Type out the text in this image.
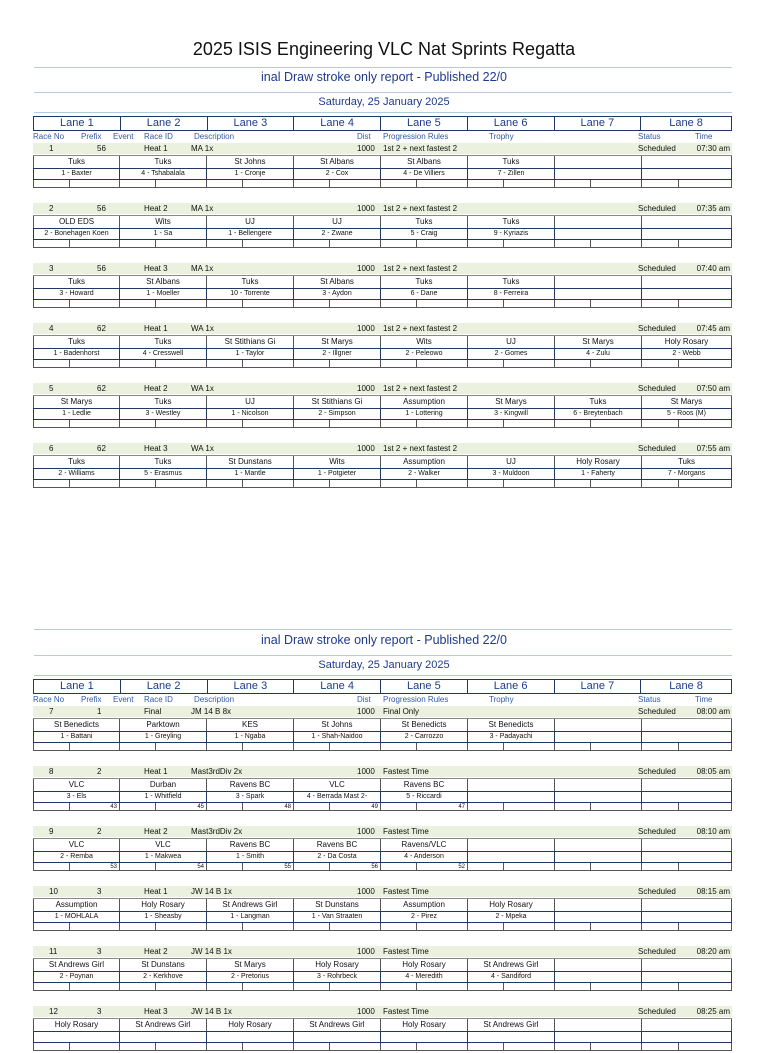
2025 ISIS Engineering VLC Nat Sprints Regatta
inal Draw stroke only report - Published 22/0
Saturday, 25 January 2025
Lane 1	Lane 2	Lane 3	Lane 4	Lane 5	Lane 6	Lane 7	Lane 8
Race No Prefix Event Race ID	Description	Dist Progression Rules	Trophy	Status	Time
1	56	Heat 1	MA 1x	1000 1st 2 + next fastest 2	Scheduled	07:30 am
Tuks	Tuks	St Johns	St Albans	St Albans	Tuks
1 - Baxter	4 - Tshabalala	1 - Cronje	2 - Cox	4 - De Villiers	7 - Zillen
2	56	Heat 2	MA 1x	1000 1st 2 + next fastest 2	Scheduled	07:35 am
OLD EDS	Wits	UJ	UJ	Tuks	Tuks
2 - Bonehagen Koen	1 - Sa	1 - Bellengere	2 - Zwane	5 - Craig	9 - Kyriazis
3	56	Heat 3	MA 1x	1000 1st 2 + next fastest 2	Scheduled	07:40 am
Tuks	St Albans	Tuks	St Albans	Tuks	Tuks
3 - Howard	1 - Moeller	10 - Torrente	3 - Aydon	6 - Dane	8 - Ferreira
4	62	Heat 1	WA 1x	1000 1st 2 + next fastest 2	Scheduled	07:45 am
Tuks	Tuks	St Stithians Gi	St Marys	Wits	UJ	St Marys	Holy Rosary
1 - Badenhorst	4 - Cresswell	1 - Taylor	2 - Illgner	2 - Peleowo	2 - Gomes	4 - Zulu	2 - Webb
5	62	Heat 2	WA 1x	1000 1st 2 + next fastest 2	Scheduled	07:50 am
St Marys	Tuks	UJ	St Stithians Gi	Assumption	St Marys	Tuks	St Marys
1 - Ledlie	3 - Westley	1 - Nicolson	2 - Simpson	1 - Lottering	3 - Kingwill	6 - Breytenbach	5 - Roos (M)
6	62	Heat 3	WA 1x	1000 1st 2 + next fastest 2	Scheduled	07:55 am
Tuks	Tuks	St Dunstans	Wits	Assumption	UJ	Holy Rosary	Tuks
2 - Williams	5 - Erasmus	1 - Mantle	1 - Potgieter	2 - Walker	3 - Muldoon	1 - Faherty	7 - Morgans
inal Draw stroke only report - Published 22/0
Saturday, 25 January 2025
Lane 1	Lane 2	Lane 3	Lane 4	Lane 5	Lane 6	Lane 7	Lane 8
Race No Prefix Event Race ID	Description	Dist Progression Rules	Trophy	Status	Time
7	1	Final	JM 14 B 8x	1000 Final Only	Scheduled	08:00 am
St Benedicts	Parktown	KES	St Johns	St Benedicts	St Benedicts
1 - Battani	1 - Greyling	1 - Ngaba	1 - Shah-Naidoo	2 - Carrozzo	3 - Padayachi
8	2	Heat 1	Mast3rdDiv 2x	1000 Fastest Time	Scheduled	08:05 am
VLC	Durban	Ravens BC	VLC	Ravens BC
3 - Els	1 - Whitfield	3 - Spark	4 - Berrada Mast 2-	5 - Riccardi
43	45	48	49	47
9	2	Heat 2	Mast3rdDiv 2x	1000 Fastest Time	Scheduled	08:10 am
VLC	VLC	Ravens BC	Ravens BC	Ravens/VLC
2 - Remba	1 - Makwea	1 - Smith	2 - Da Costa	4 - Anderson
53	54	55	56	52
10	3	Heat 1	JW 14 B 1x	1000 Fastest Time	Scheduled	08:15 am
Assumption	Holy Rosary	St Andrews Girl	St Dunstans	Assumption	Holy Rosary
1 - MOHLALA	1 - Sheasby	1 - Langman	1 - Van Straaten	2 - Pirez	2 - Mpeka
11	3	Heat 2	JW 14 B 1x	1000 Fastest Time	Scheduled	08:20 am
St Andrews Girl	St Dunstans	St Marys	Holy Rosary	Holy Rosary	St Andrews Girl
2 - Poynan	2 - Kerkhove	2 - Pretorius	3 - Rohrbeck	4 - Meredith	4 - Sandiford
12	3	Heat 3	JW 14 B 1x	1000 Fastest Time	Scheduled	08:25 am
Holy Rosary	St Andrews Girl	Holy Rosary	St Andrews Girl	Holy Rosary	St Andrews Girl
